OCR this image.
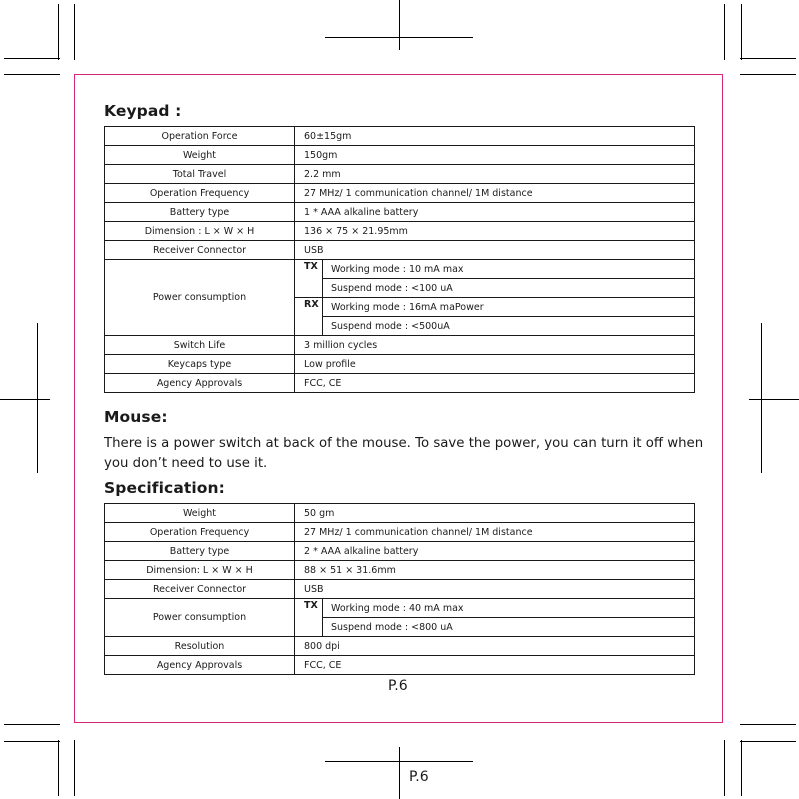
Keypad :
Operation Force	60±15gm	
Weight	150gm	
Total Travel	2.2 mm	
Operation Frequency	27 MHz/ 1 communication channel/ 1M distance	
Battery type	1 * AAA alkaline battery	
Dimension : L × W × H	136 × 75 × 21.95mm	
Receiver Connector	USB	
Power consumption	TX	Working mode : 10 mA max
		Suspend mode : <100 uA
	RX	Working mode : 16mA maPower
		Suspend mode : <500uA
Switch Life	3 million cycles	
Keycaps type	Low profile	
Agency Approvals	FCC, CE	
Mouse:
There is a power switch at back of the mouse. To save the power, you can turn it off when you don’t need to use it.
Specification:
Weight	50 gm	
Operation Frequency	27 MHz/ 1 communication channel/ 1M distance	
Battery type	2 * AAA alkaline battery	
Dimension: L × W × H	88 × 51 × 31.6mm	
Receiver Connector	USB	
Power consumption	TX	Working mode : 40 mA max
		Suspend mode : <800 uA
Resolution	800 dpi	
Agency Approvals	FCC, CE	
P.6
P.6
